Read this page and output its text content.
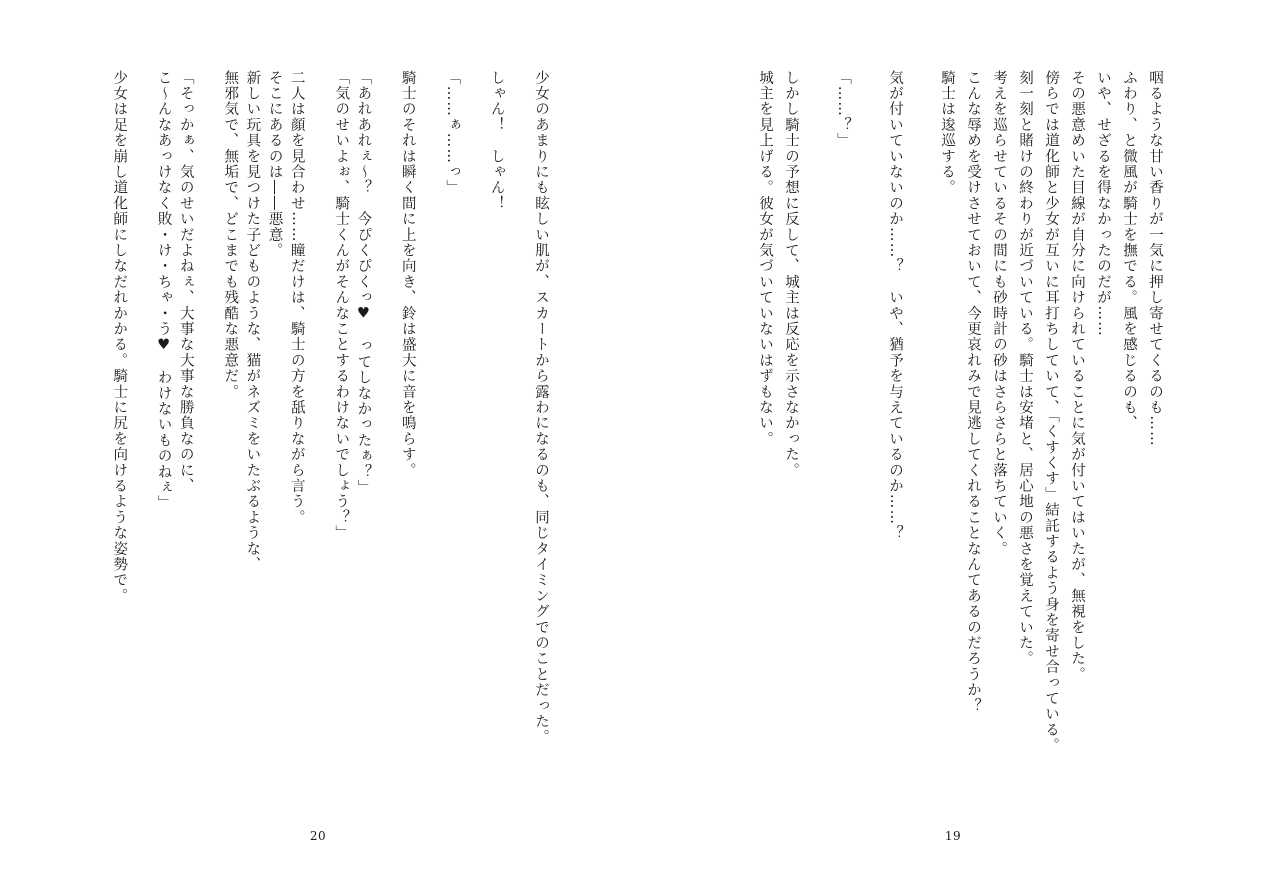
城主を見上げる。彼女が気づいていないはずもない。 しかし騎士の予想に反して、城主は反応を示さなかった。	「……？」	気が付いていないのか……？　いや、猶予を与えているのか……？	騎士は逡巡する。 こんな辱めを受けさせておいて、今更哀れみで見逃してくれることなんてあるのだろうか？ 考えを巡らせているその間にも砂時計の砂はさらさらと落ちていく。 刻一刻と賭けの終わりが近づいている。騎士は安堵と、居心地の悪さを覚えていた。 傍らでは道化師と少女が互いに耳打ちしていて、「くすくす」結託するよう身を寄せ合っている。 その悪意めいた目線が自分に向けられていることに気が付いてはいたが、無視をした。 いや、せざるを得なかったのだが…… ふわり、と微風が騎士を撫でる。風を感じるのも、 咽るような甘い香りが一気に押し寄せてくるのも……
19
少女のあまりにも眩しい肌が、スカートから露わになるのも、同じタイミングでのことだった。
しゃん！　しゃん！
「……ぁ……っ」
騎士のそれは瞬く間に上を向き、鈴は盛大に音を鳴らす。
「あれあれぇ～？　今ぴくぴくっ♥　ってしなかったぁ？」
「気のせいよぉ、騎士くんがそんなことするわけないでしょう？」
二人は顔を見合わせ……瞳だけは、騎士の方を舐りながら言う。
そこにあるのは――悪意。
新しい玩具を見つけた子どものような、猫がネズミをいたぶるような、
無邪気で、無垢で、どこまでも残酷な悪意だ。
「そっかぁ、気のせいだよねぇ、大事な大事な勝負なのに、
こ～んなあっけなく敗・け・ちゃ・う♥　わけないものねぇ」
少女は足を崩し道化師にしなだれかかる。騎士に尻を向けるような姿勢で。
20
